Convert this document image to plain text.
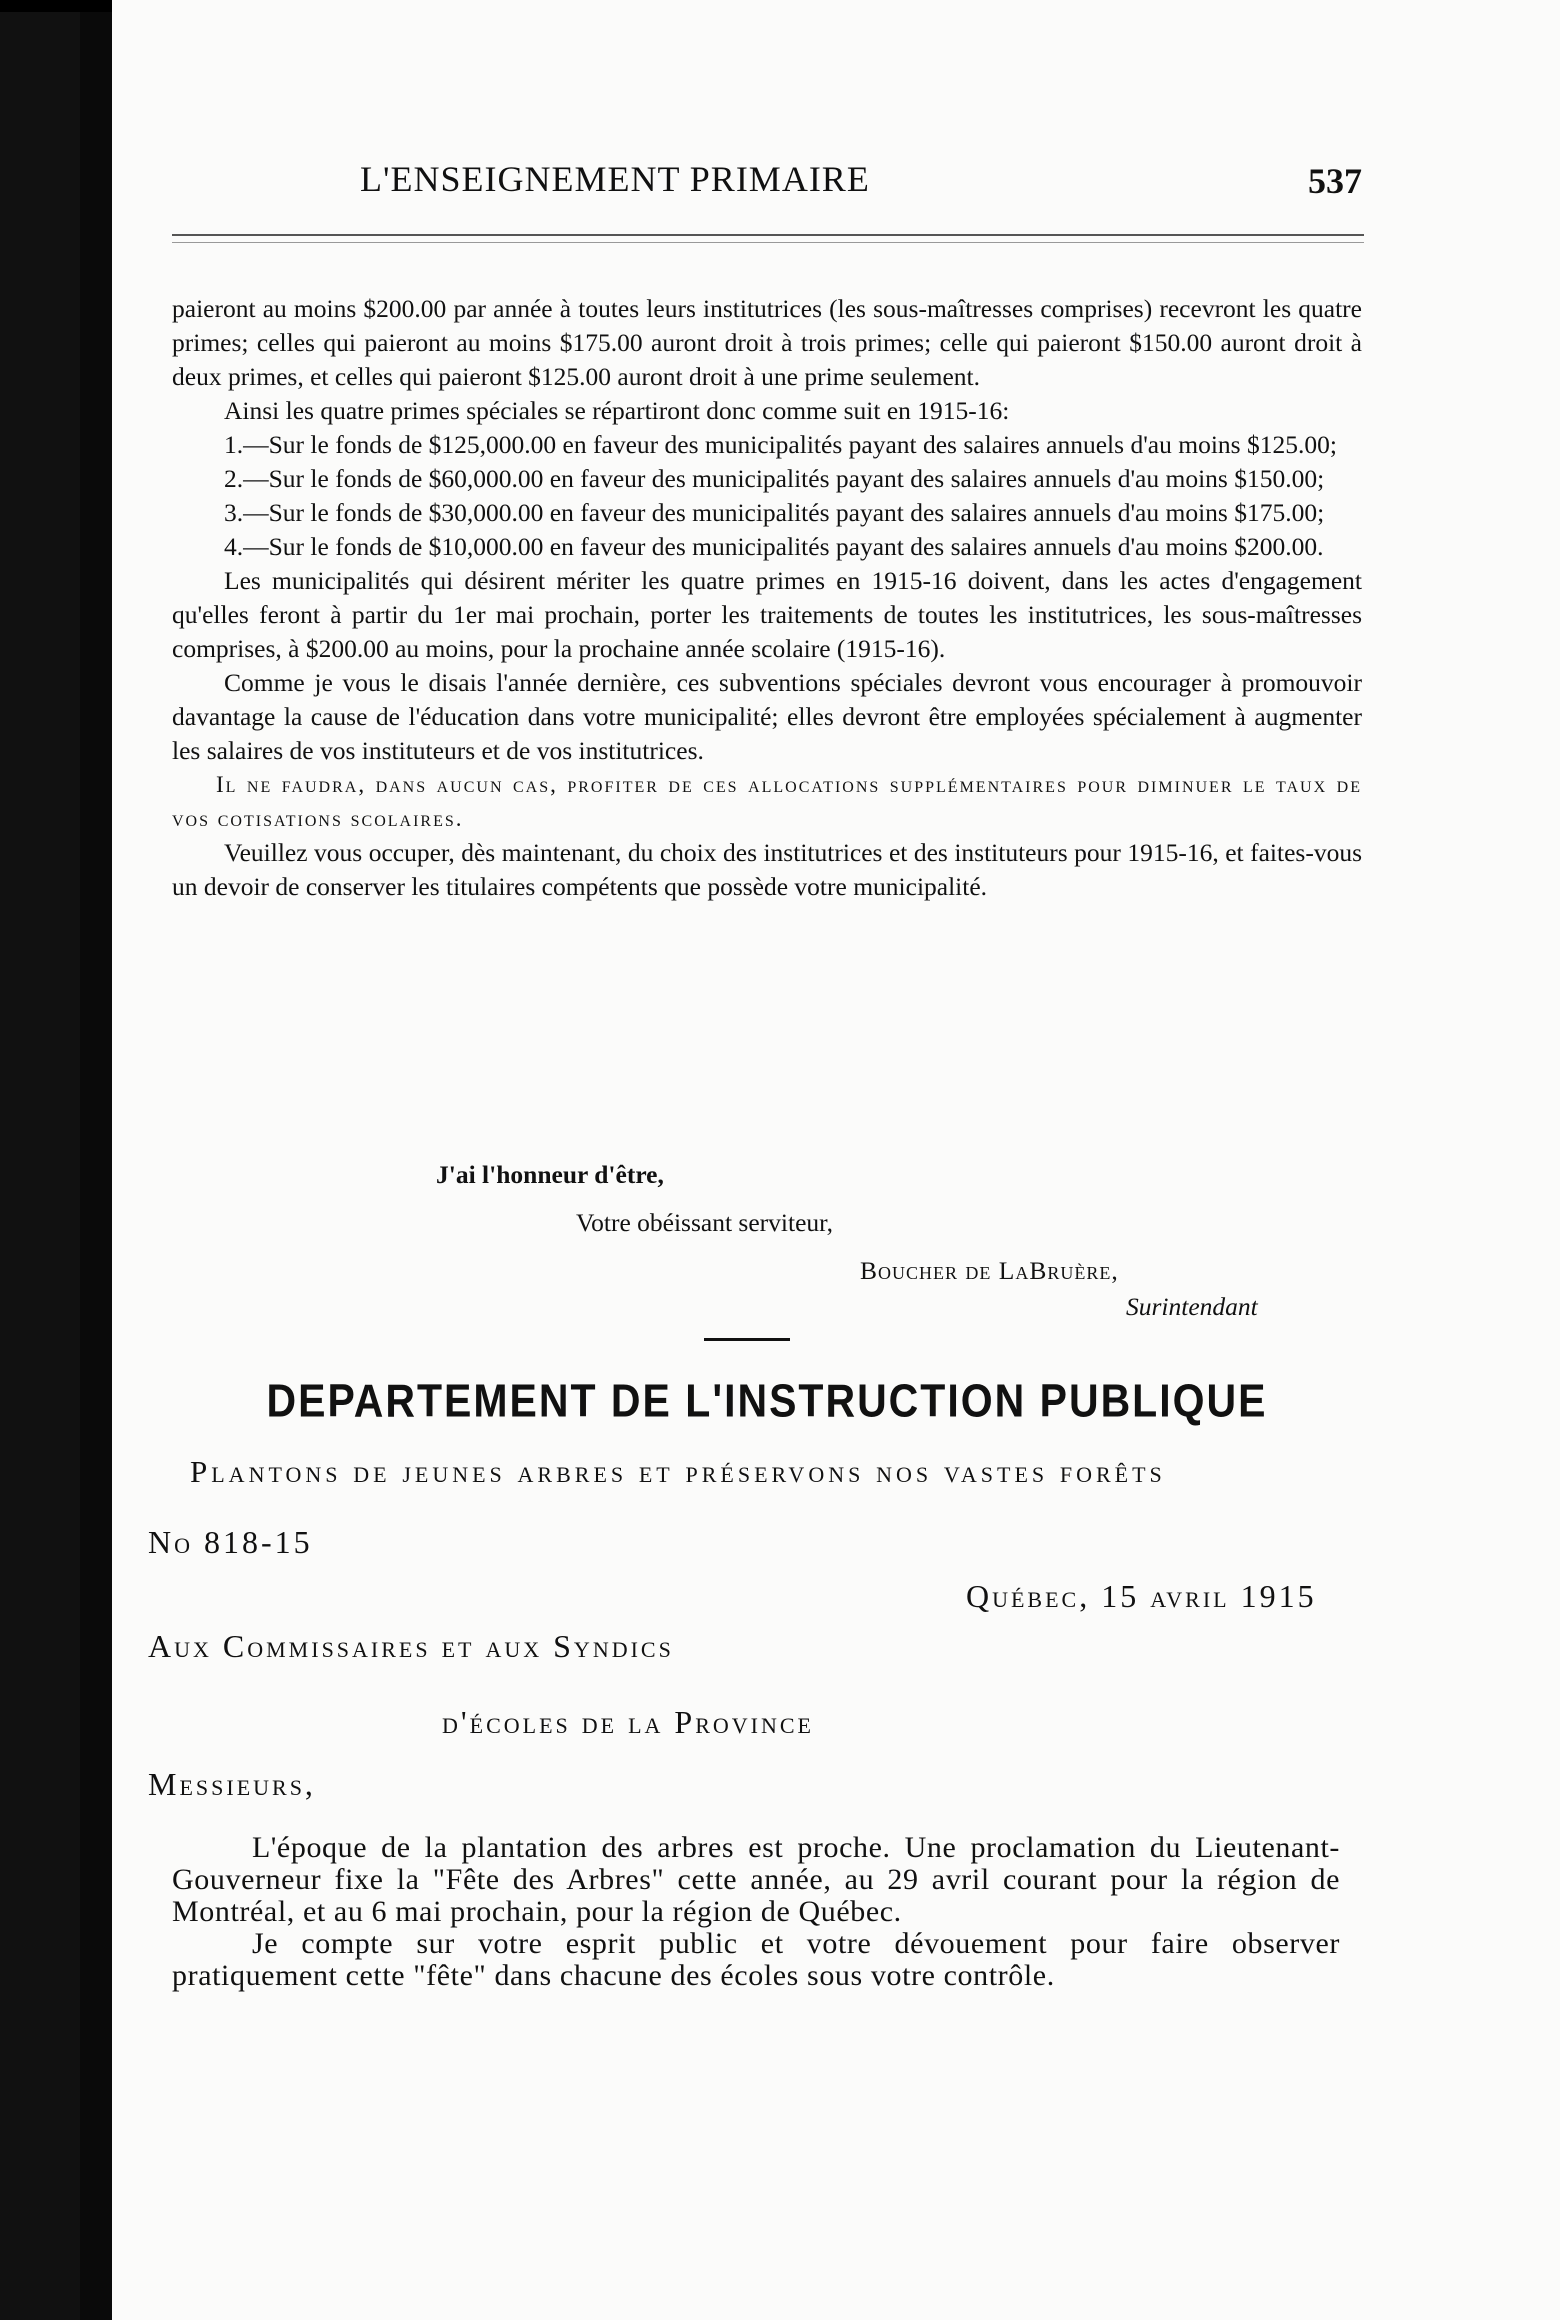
L'ENSEIGNEMENT PRIMAIRE	537

paieront au moins $200.00 par année à toutes leurs institutrices (les sous-maîtresses comprises) recevront les quatre primes; celles qui paieront au moins $175.00 auront droit à trois primes; celle qui paieront $150.00 auront droit à deux primes, et celles qui paieront $125.00 auront droit à une prime seulement.

Ainsi les quatre primes spéciales se répartiront donc comme suit en 1915-16:

1.—Sur le fonds de $125,000.00 en faveur des municipalités payant des salaires annuels d'au moins $125.00;

2.—Sur le fonds de $60,000.00 en faveur des municipalités payant des salaires annuels d'au moins $150.00;

3.—Sur le fonds de $30,000.00 en faveur des municipalités payant des salaires annuels d'au moins $175.00;

4.—Sur le fonds de $10,000.00 en faveur des municipalités payant des salaires annuels d'au moins $200.00.

Les municipalités qui désirent mériter les quatre primes en 1915-16 doivent, dans les actes d'engagement qu'elles feront à partir du 1er mai prochain, porter les traitements de toutes les institutrices, les sous-maîtresses comprises, à $200.00 au moins, pour la prochaine année scolaire (1915-16).

Comme je vous le disais l'année dernière, ces subventions spéciales devront vous encourager à promouvoir davantage la cause de l'éducation dans votre municipalité; elles devront être employées spécialement à augmenter les salaires de vos instituteurs et de vos institutrices.

Il ne faudra, dans aucun cas, profiter de ces allocations supplémentaires pour diminuer le taux de vos cotisations scolaires.

Veuillez vous occuper, dès maintenant, du choix des institutrices et des instituteurs pour 1915-16, et faites-vous un devoir de conserver les titulaires compétents que possède votre municipalité.

J'ai l'honneur d'être,
Votre obéissant serviteur,
Boucher de LaBruère,
Surintendant
DEPARTEMENT DE L'INSTRUCTION PUBLIQUE
Plantons de jeunes arbres et préservons nos vastes forêts
No 818-15
Québec, 15 avril 1915
Aux Commissaires et aux Syndics
d'écoles de la Province
Messieurs,

L'époque de la plantation des arbres est proche. Une proclamation du Lieutenant-Gouverneur fixe la "Fête des Arbres" cette année, au 29 avril courant pour la région de Montréal, et au 6 mai prochain, pour la région de Québec.

Je compte sur votre esprit public et votre dévouement pour faire observer pratiquement cette "fête" dans chacune des écoles sous votre contrôle.
